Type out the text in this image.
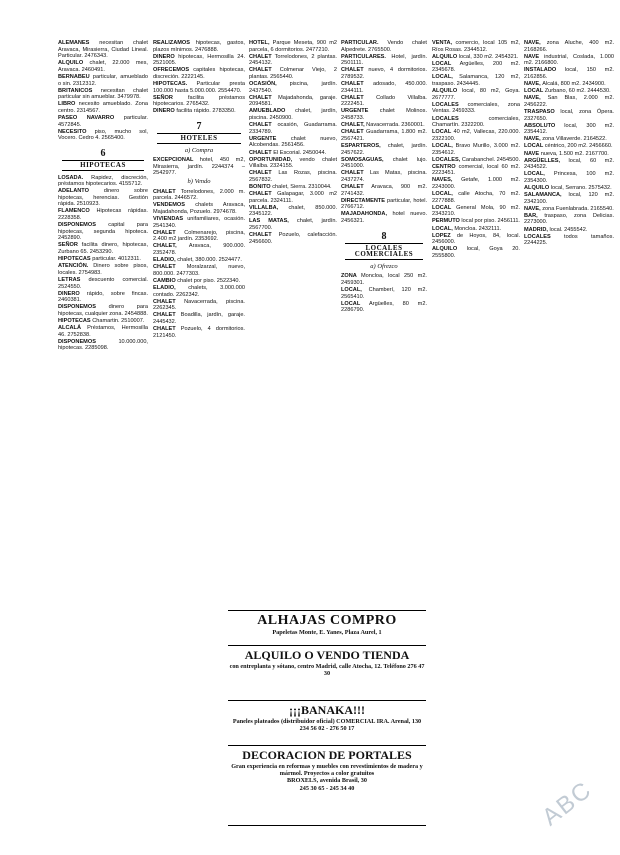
ALEMANES necesitan chalet Aravaca, Mirasierra, Ciudad Lineal. Particular. 2476343.

ALQUILO chalet, 22.000 mes, Aravaca. 2460491.

BERNABEU particular, amueblado o sin. 2312312.

BRITANICOS necesitan chalet particular sin amueblar. 3479978.

LIBRO necesito amueblado. Zona centro. 2314567.

PASEO NAVARRO particular. 4572845.

NECESITO piso, mucho sol, Vocero. Cedro 4. 2565400.

6
HIPOTECAS

LOSADA. Rapidez, discreción, préstamos hipotecarios. 4155712.

ADELANTO dinero sobre hipotecas, herencias. Gestión rápida. 2510923.

FLAMENCO Hipotecas rápidas. 2228358.

DISPONEMOS capital para hipotecas, segunda hipoteca. 2452890.

SEÑOR facilita dinero, hipotecas, Zurbano 65. 2453290.

HIPOTECAS particular. 4012311.

ATENCIÓN. Dinero sobre pisos, locales. 2754983.

LETRAS descuento comercial. 2524550.

DINERO rápido, sobre fincas. 2460381.

DISPONEMOS dinero para hipotecas, cualquier zona. 2454888.

HIPOTECAS Chamartin. 2510007.

ALCALÁ Préstamos, Hermosilla 46. 2752838.

DISPONEMOS 10.000.000, hipotecas. 2285098.

REALIZAMOS hipotecas, gastos, plazos mínimos. 2476888.

DINERO hipotecas, Hermosilla 24. 2521005.

OFRECEMOS capitales hipotecas, discreción. 2222145.

HIPOTECAS. Particular presta 100.000 hasta 5.000.000. 2554470.

SEÑOR facilita préstamos hipotecarios. 2765432.

DINERO facilita rápido. 2783350.

7
HOTELES
a) Compra

EXCEPCIONAL hotel, 450 m2, Mirasierra, jardín. 2244374 – 2542977.

b) Vendo

CHALET Torrelodones, 2.000 m. parcela. 2446572.

VENDEMOS chalets Aravaca, Majadahonda, Pozuelo. 2974678.

VIVIENDAS unifamiliares, ocasión. 2541340.

CHALET Colmenarejo, piscina, 2.400 m2 jardín. 2353692.

CHALET, Aravaca, 900.000. 2352478.

ELADIO, chalet, 380.000. 2524477.

CHALET Moralzarzal, nuevo, 800.000. 2477303.

CAMBIO chalet por piso. 2522340.

ELADIO, chalets, 3.000.000 contado. 2262342.

CHALET Navacerrada, piscina. 2262345.

CHALET Boadilla, jardín, garaje. 2445432.

CHALET Pozuelo, 4 dormitorios. 2121450.

HOTEL, Parque Meseta, 900 m2 parcela, 6 dormitorios. 2477210.

CHALET Torrelodones, 2 plantas. 2454132.

CHALET Colmenar Viejo, 2 plantas. 2565440.

OCASIÓN, piscina, jardín. 2437540.

CHALET Majadahonda, garaje. 2094581.

AMUEBLADO chalet, jardín, piscina. 2450900.

CHALET ocasión, Guadarrama. 2334789.

URGENTE chalet nuevo, Alcobendas. 2561456.

CHALET El Escorial. 2450044.

OPORTUNIDAD, vendo chalet Villalba. 2324155.

CHALET Las Rozas, piscina. 2567832.

BONITO chalet, Sierra. 2310044.

CHALET Galapagar, 3.000 m2 parcela. 2324111.

VILLALBA, chalet, 850.000. 2345122.

LAS MATAS, chalet, jardín. 2567700.

CHALET Pozuelo, calefacción. 2456600.

PARTICULAR. Vendo chalet Alpedrete. 2765500.

PARTICULARES. Hotel, jardín. 2501111.

CHALET nuevo, 4 dormitorios. 2789532.

CHALET adosado, 450.000. 2344111.

CHALET Collado Villalba. 2222451.

URGENTE chalet Molinos. 2458733.

CHALET, Navacerrada. 2360001.

CHALET Guadarrama, 1.800 m2. 2567421.

ESPARTEROS, chalet, jardín. 2457622.

SOMOSAGUAS, chalet lujo. 2451000.

CHALET Las Matas, piscina. 2437274.

CHALET Aravaca, 900 m2. 2741432.

DIRECTAMENTE particular, hotel. 2766712.

MAJADAHONDA, hotel nuevo. 2456321.

8
LOCALES COMERCIALES
a) Ofrezco

ZONA Moncloa, local 250 m2. 2459301.

LOCAL, Chamberí, 120 m2. 2565410.

LOCAL Argüelles, 80 m2. 2286790.

VENTA, comercio, local 105 m2, Ríos Rosas. 2344512.

ALQUILO local, 330 m2. 2454321.

LOCAL Argüelles, 200 m2. 2345678.

LOCAL, Salamanca, 120 m2, traspaso. 2434445.

ALQUILO local, 80 m2, Goya. 2677777.

LOCALES comerciales, zona Ventas. 2459333.

LOCALES comerciales, Chamartín. 2322200.

LOCAL 40 m2, Vallecas, 220.000. 2322100.

LOCAL, Bravo Murillo, 3.000 m2. 2354612.

LOCALES, Carabanchel. 2454500.

CENTRO comercial, local 60 m2. 2223451.

NAVES, Getafe, 1.000 m2. 2243000.

LOCAL, calle Atocha, 70 m2. 2277888.

LOCAL General Mola, 90 m2. 2343210.

PERMUTO local por piso. 2456111.

LOCAL, Moncloa. 2432111.

LOPEZ de Hoyos, 84, local. 2456000.

ALQUILO local, Goya 20. 2555800.

NAVE, zona Aluche, 400 m2. 2168266.

NAVE industrial, Coslada, 1.000 m2. 2166800.

INSTALADO local, 150 m2. 2162856.

NAVE, Alcalá, 800 m2. 2434900.

LOCAL Zurbano, 60 m2. 2444530.

NAVE, San Blas, 2.000 m2. 2456222.

TRASPASO local, zona Ópera. 2327650.

ABSOLUTO local, 300 m2. 2354412.

NAVE, zona Villaverde. 2164522.

LOCAL céntrico, 200 m2. 2456660.

NAVE nueva, 1.500 m2. 2167700.

ARGÜELLES, local, 60 m2. 2434522.

LOCAL, Princesa, 100 m2. 2354300.

ALQUILO local, Serrano. 2575432.

SALAMANCA, local, 120 m2. 2342100.

NAVE, zona Fuenlabrada. 2165540.

BAR, traspaso, zona Delicias. 2273000.

MADRID, local. 2455542.

LOCALES todos tamaños. 2244225.

ALHAJAS COMPRO
Papeletas Monte, E. Yanes, Plaza Aurel, 1
ALQUILO O VENDO TIENDA
con entreplanta y sótano, centro Madrid, calle Atocha, 12. Teléfono 276 47 30
¡¡¡BANAKA!!!
Paneles plateados (distribuidor oficial) COMERCIAL IRA. Arenal, 130
234 56 02 - 276 50 17
DECORACION DE PORTALES
Gran experiencia en reformas y muebles con revestimientos de madera y mármol. Proyectos a color gratuitos
BROXELS, avenida Brasil, 30
245 30 65 - 245 34 40	ABC
